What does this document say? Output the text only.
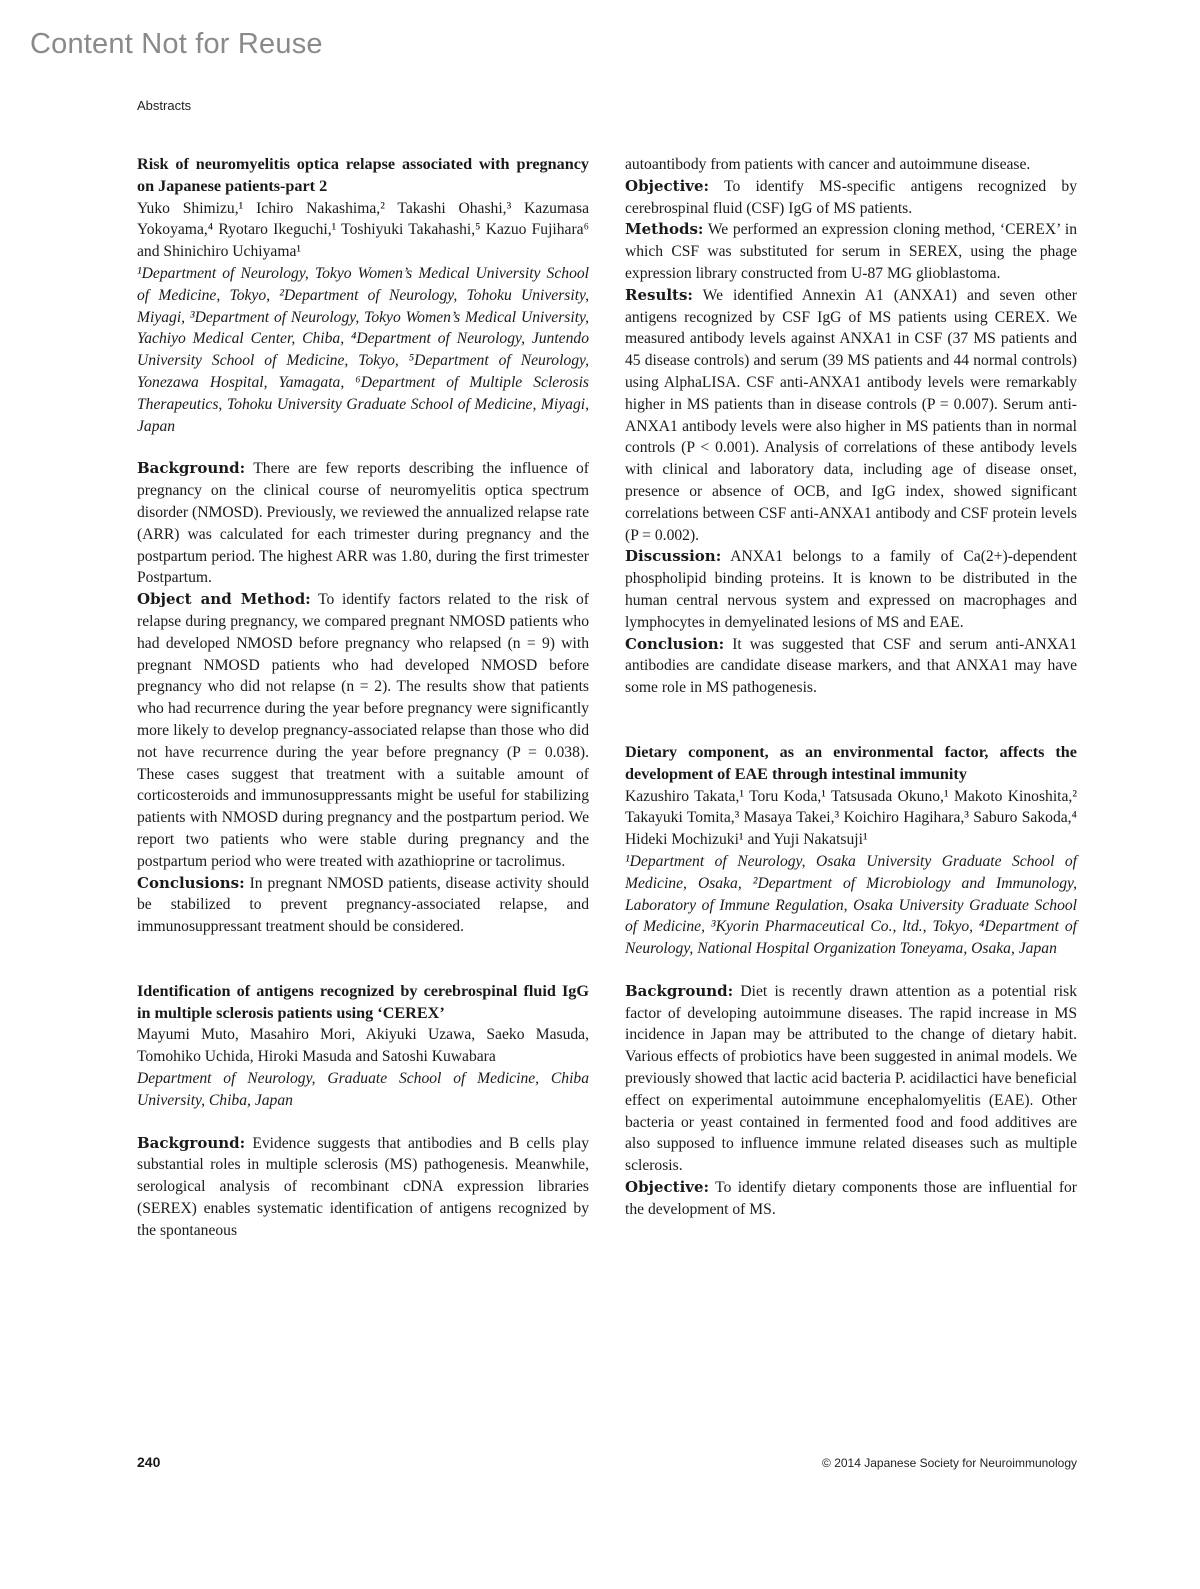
Content Not for Reuse
Abstracts

Risk of neuromyelitis optica relapse associated with pregnancy on Japanese patients-part 2

Yuko Shimizu,¹ Ichiro Nakashima,² Takashi Ohashi,³ Kazumasa Yokoyama,⁴ Ryotaro Ikeguchi,¹ Toshiyuki Takahashi,⁵ Kazuo Fujihara⁶ and Shinichiro Uchiyama¹

¹Department of Neurology, Tokyo Women’s Medical University School of Medicine, Tokyo, ²Department of Neurology, Tohoku University, Miyagi, ³Department of Neurology, Tokyo Women’s Medical University, Yachiyo Medical Center, Chiba, ⁴Department of Neurology, Juntendo University School of Medicine, Tokyo, ⁵Department of Neurology, Yonezawa Hospital, Yamagata, ⁶Department of Multiple Sclerosis Therapeutics, Tohoku University Graduate School of Medicine, Miyagi, Japan

Background: There are few reports describing the influence of pregnancy on the clinical course of neuromyelitis optica spectrum disorder (NMOSD). Previously, we reviewed the annualized relapse rate (ARR) was calculated for each trimester during pregnancy and the postpartum period. The highest ARR was 1.80, during the first trimester Postpartum.

Object and Method: To identify factors related to the risk of relapse during pregnancy, we compared pregnant NMOSD patients who had developed NMOSD before pregnancy who relapsed (n = 9) with pregnant NMOSD patients who had developed NMOSD before pregnancy who did not relapse (n = 2). The results show that patients who had recurrence during the year before pregnancy were significantly more likely to develop pregnancy-associated relapse than those who did not have recurrence during the year before pregnancy (P = 0.038). These cases suggest that treatment with a suitable amount of corticosteroids and immunosuppressants might be useful for stabilizing patients with NMOSD during pregnancy and the postpartum period. We report two patients who were stable during pregnancy and the postpartum period who were treated with azathioprine or tacrolimus.

Conclusions: In pregnant NMOSD patients, disease activity should be stabilized to prevent pregnancy-associated relapse, and immunosuppressant treatment should be considered.

Identification of antigens recognized by cerebrospinal fluid IgG in multiple sclerosis patients using ‘CEREX’

Mayumi Muto, Masahiro Mori, Akiyuki Uzawa, Saeko Masuda, Tomohiko Uchida, Hiroki Masuda and Satoshi Kuwabara

Department of Neurology, Graduate School of Medicine, Chiba University, Chiba, Japan

Background: Evidence suggests that antibodies and B cells play substantial roles in multiple sclerosis (MS) pathogenesis. Meanwhile, serological analysis of recombinant cDNA expression libraries (SEREX) enables systematic identification of antigens recognized by the spontaneous

autoantibody from patients with cancer and autoimmune disease.

Objective: To identify MS-specific antigens recognized by cerebrospinal fluid (CSF) IgG of MS patients.

Methods: We performed an expression cloning method, ‘CEREX’ in which CSF was substituted for serum in SEREX, using the phage expression library constructed from U-87 MG glioblastoma.

Results: We identified Annexin A1 (ANXA1) and seven other antigens recognized by CSF IgG of MS patients using CEREX. We measured antibody levels against ANXA1 in CSF (37 MS patients and 45 disease controls) and serum (39 MS patients and 44 normal controls) using AlphaLISA. CSF anti-ANXA1 antibody levels were remarkably higher in MS patients than in disease controls (P = 0.007). Serum anti-ANXA1 antibody levels were also higher in MS patients than in normal controls (P < 0.001). Analysis of correlations of these antibody levels with clinical and laboratory data, including age of disease onset, presence or absence of OCB, and IgG index, showed significant correlations between CSF anti-ANXA1 antibody and CSF protein levels (P = 0.002).

Discussion: ANXA1 belongs to a family of Ca(2+)-dependent phospholipid binding proteins. It is known to be distributed in the human central nervous system and expressed on macrophages and lymphocytes in demyelinated lesions of MS and EAE.

Conclusion: It was suggested that CSF and serum anti-ANXA1 antibodies are candidate disease markers, and that ANXA1 may have some role in MS pathogenesis.

Dietary component, as an environmental factor, affects the development of EAE through intestinal immunity

Kazushiro Takata,¹ Toru Koda,¹ Tatsusada Okuno,¹ Makoto Kinoshita,² Takayuki Tomita,³ Masaya Takei,³ Koichiro Hagihara,³ Saburo Sakoda,⁴ Hideki Mochizuki¹ and Yuji Nakatsuji¹

¹Department of Neurology, Osaka University Graduate School of Medicine, Osaka, ²Department of Microbiology and Immunology, Laboratory of Immune Regulation, Osaka University Graduate School of Medicine, ³Kyorin Pharmaceutical Co., ltd., Tokyo, ⁴Department of Neurology, National Hospital Organization Toneyama, Osaka, Japan

Background: Diet is recently drawn attention as a potential risk factor of developing autoimmune diseases. The rapid increase in MS incidence in Japan may be attributed to the change of dietary habit. Various effects of probiotics have been suggested in animal models. We previously showed that lactic acid bacteria P. acidilactici have beneficial effect on experimental autoimmune encephalomyelitis (EAE). Other bacteria or yeast contained in fermented food and food additives are also supposed to influence immune related diseases such as multiple sclerosis.

Objective: To identify dietary components those are influential for the development of MS.

240	© 2014 Japanese Society for Neuroimmunology
